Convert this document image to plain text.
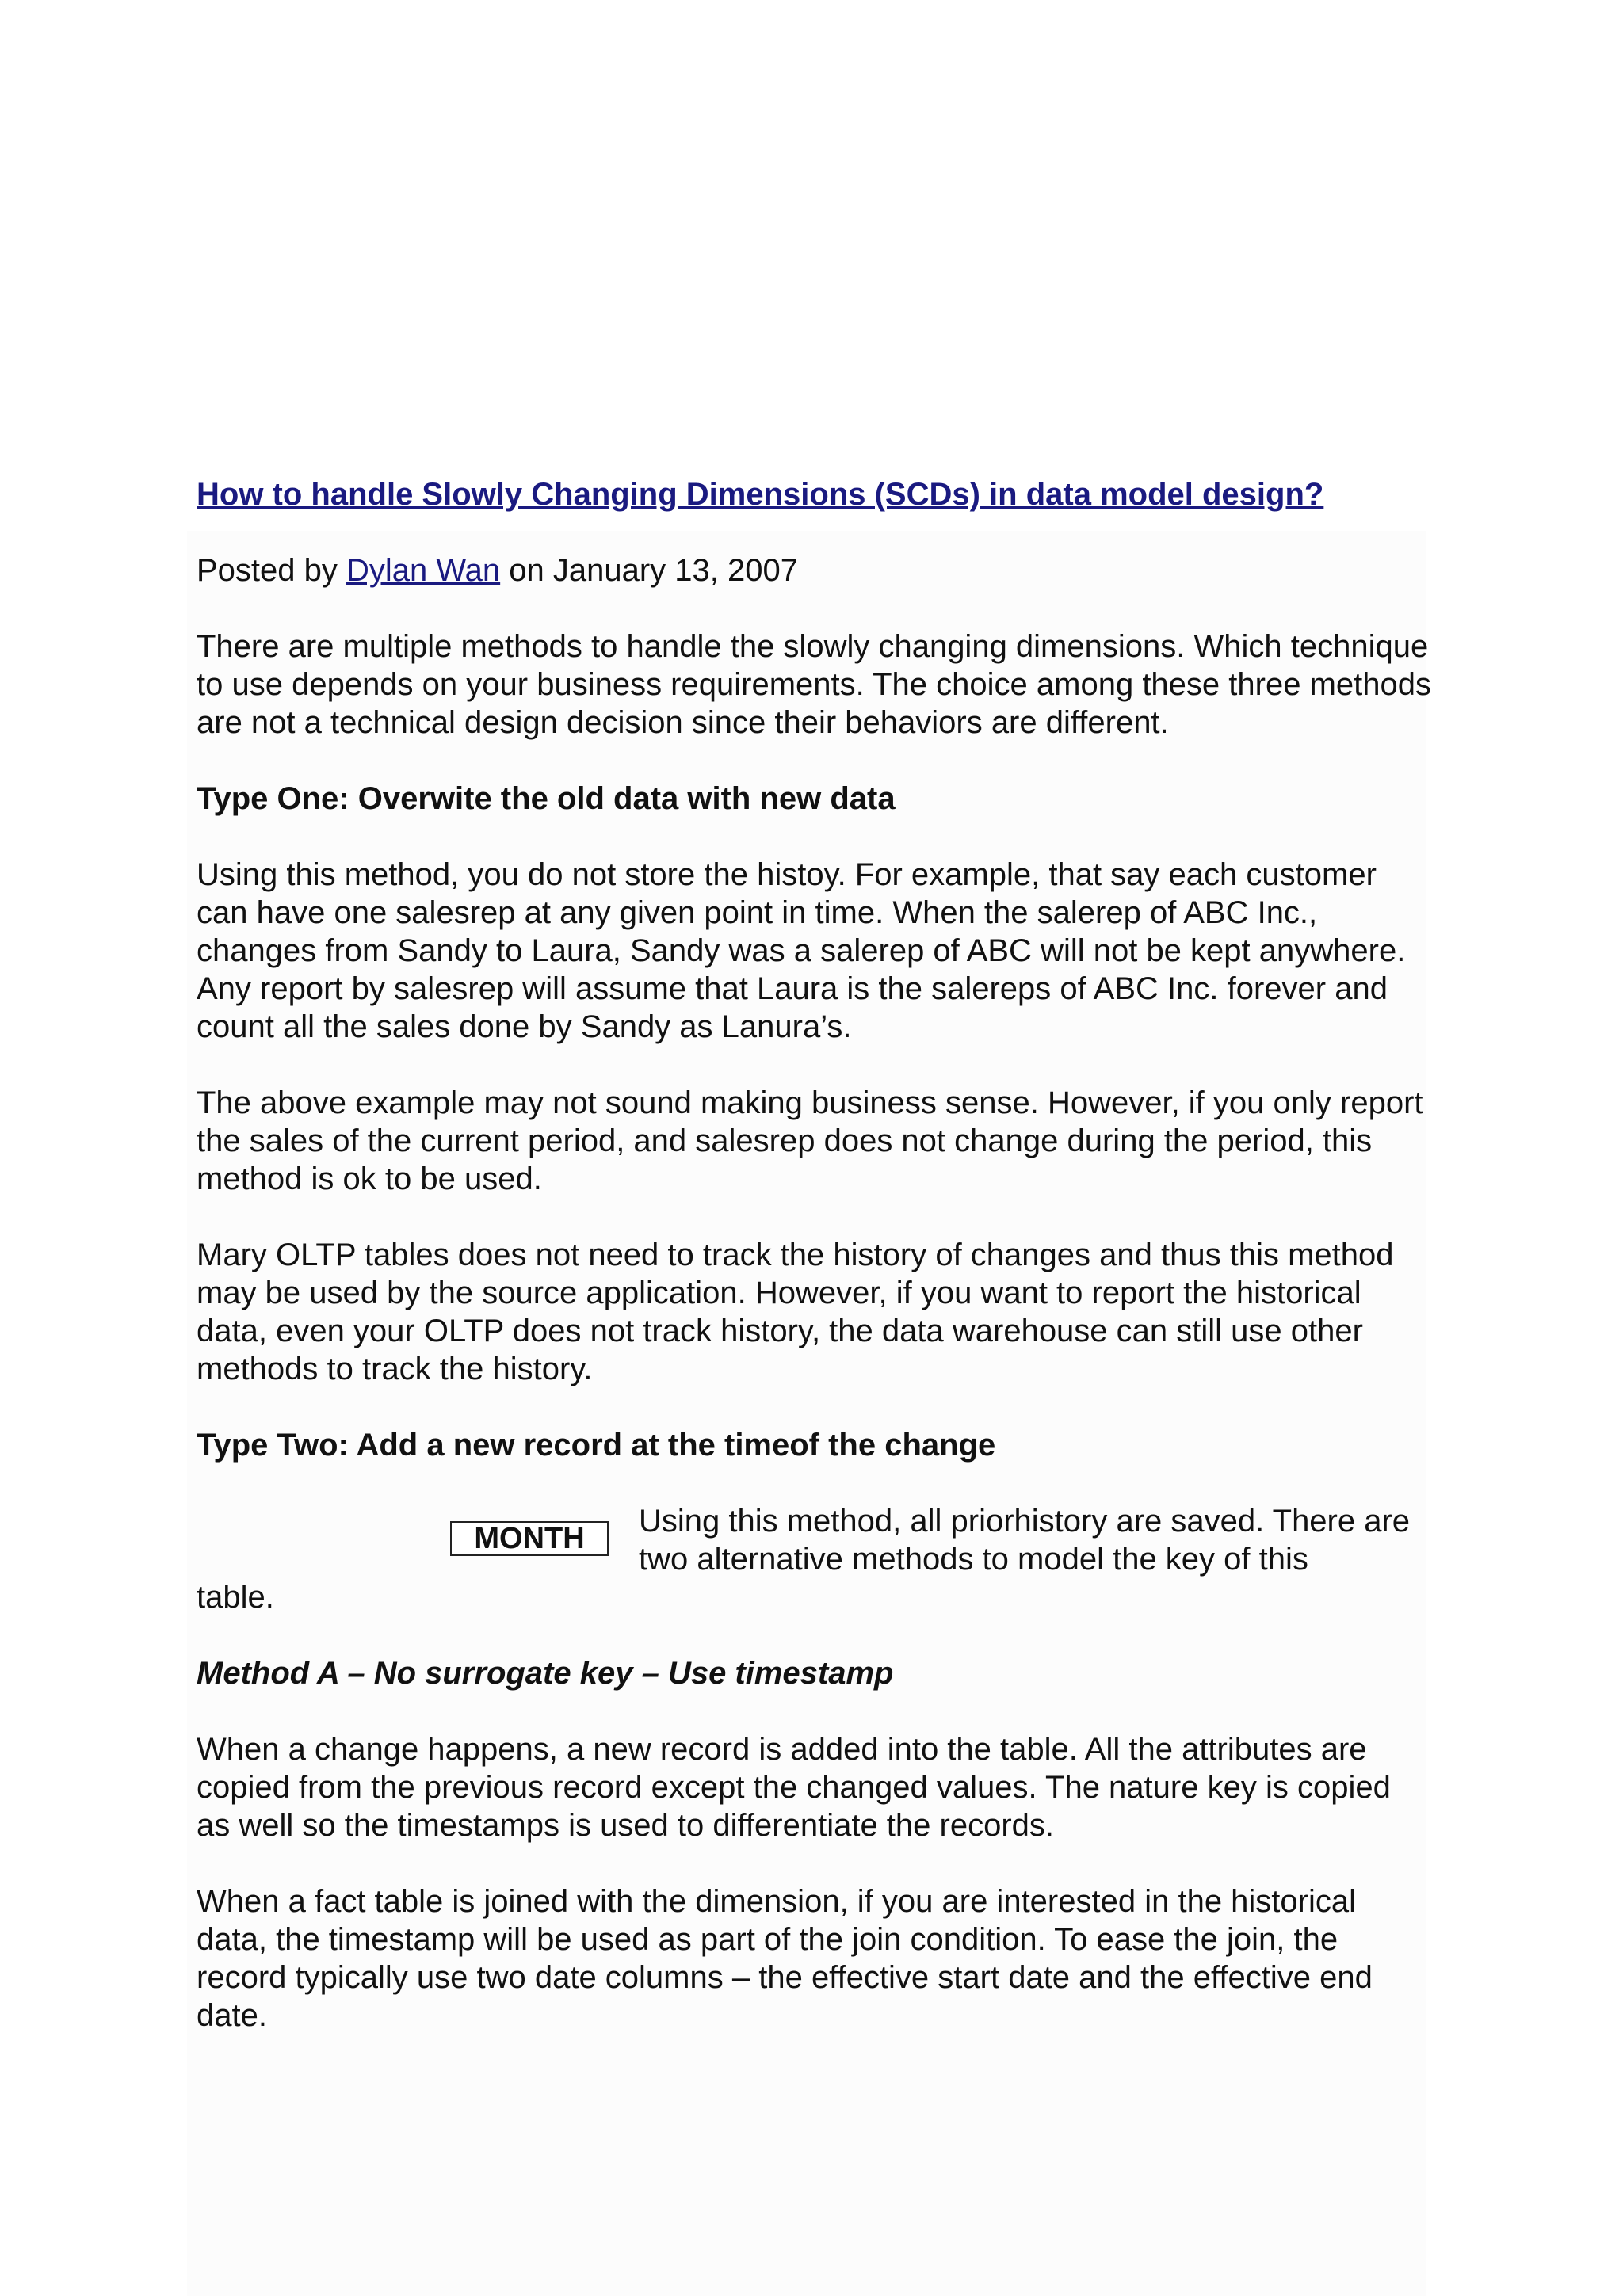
How to handle Slowly Changing Dimensions (SCDs) in data model design?

Posted by Dylan Wan on January 13, 2007

There are multiple methods to handle the slowly changing dimensions. Which technique to use depends on your business requirements. The choice among these three methods are not a technical design decision since their behaviors are different.

Type One: Overwite the old data with new data

Using this method, you do not store the histoy. For example, that say each customer can have one salesrep at any given point in time. When the salerep of ABC Inc., changes from Sandy to Laura, Sandy was a salerep of ABC will not be kept anywhere. Any report by salesrep will assume that Laura is the salereps of ABC Inc. forever and count all the sales done by Sandy as Lanura’s.

The above example may not sound making business sense. However, if you only report the sales of the current period, and salesrep does not change during the period, this method is ok to be used.

Mary OLTP tables does not need to track the history of changes and thus this method may be used by the source application. However, if you want to report the historical data, even your OLTP does not track history, the data warehouse can still use other methods to track the history.

Type Two: Add a new record at the timeof the change

MONTH	Using this method, all priorhistory are saved. There are two alternative methods to model the key of this
table.

Method A – No surrogate key – Use timestamp

When a change happens, a new record is added into the table. All the attributes are copied from the previous record except the changed values. The nature key is copied as well so the timestamps is used to differentiate the records.

When a fact table is joined with the dimension, if you are interested in the historical data, the timestamp will be used as part of the join condition. To ease the join, the record typically use two date columns – the effective start date and the effective end date.
